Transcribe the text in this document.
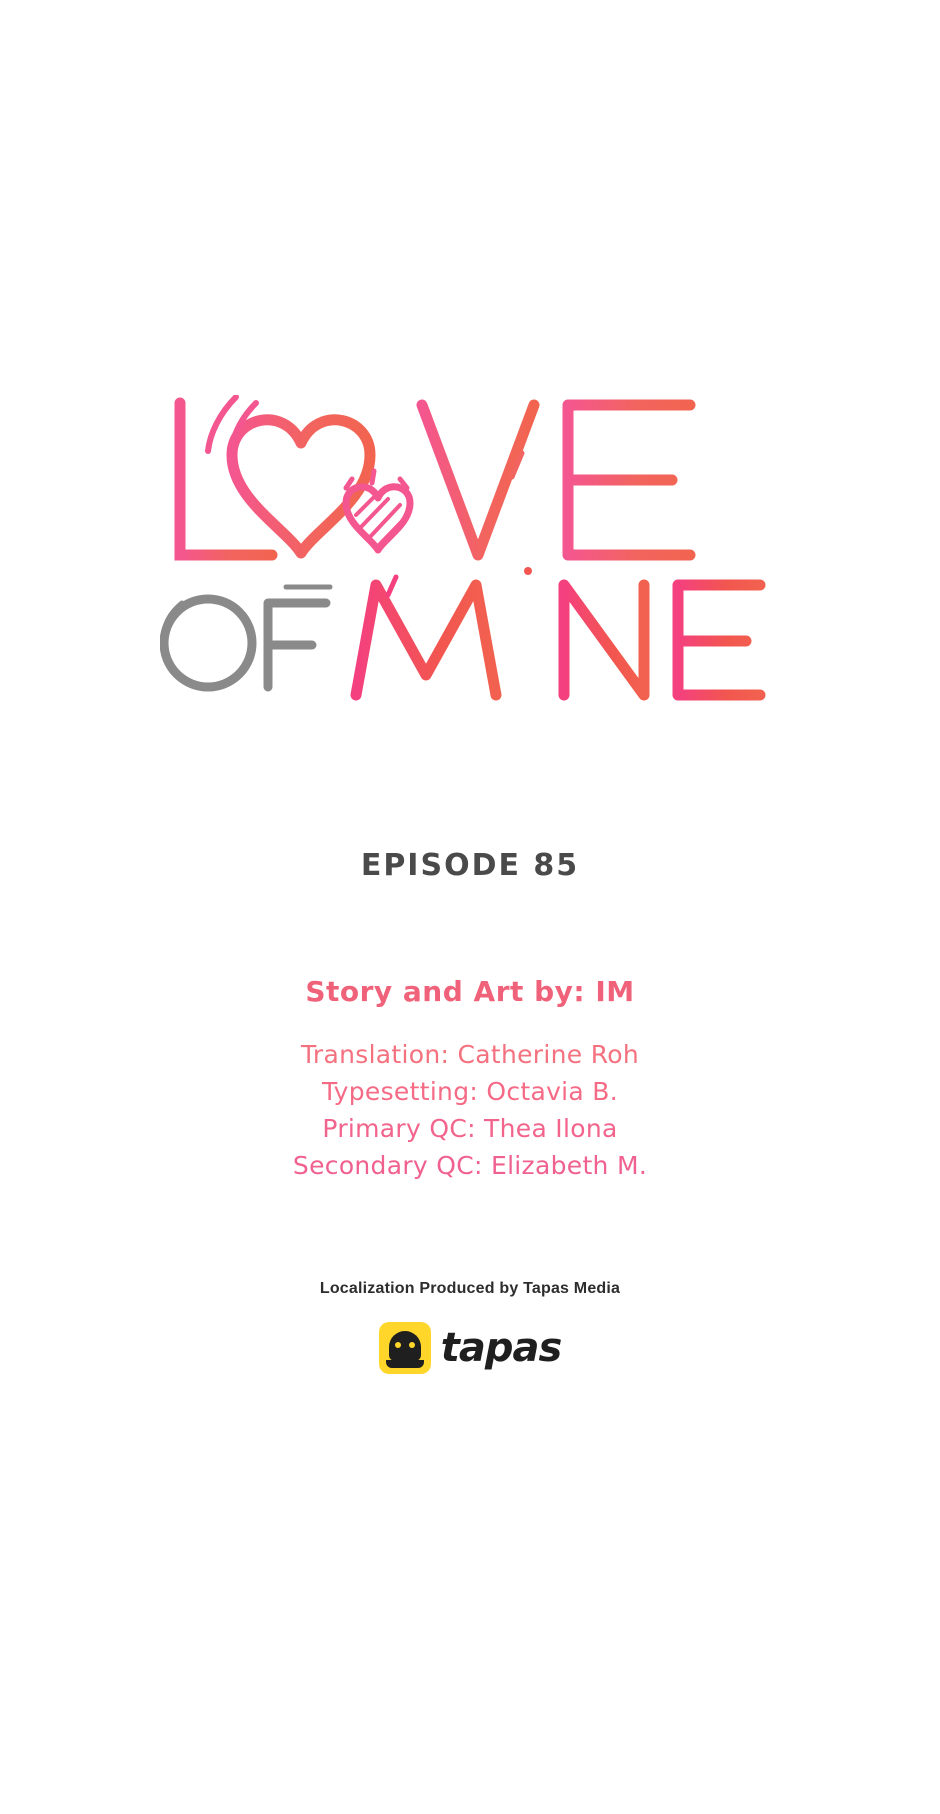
EPISODE 85
Story and Art by: IM
Translation: Catherine Roh
Typesetting: Octavia B.
Primary QC: Thea Ilona
Secondary QC: Elizabeth M.
Localization Produced by Tapas Media
tapas
